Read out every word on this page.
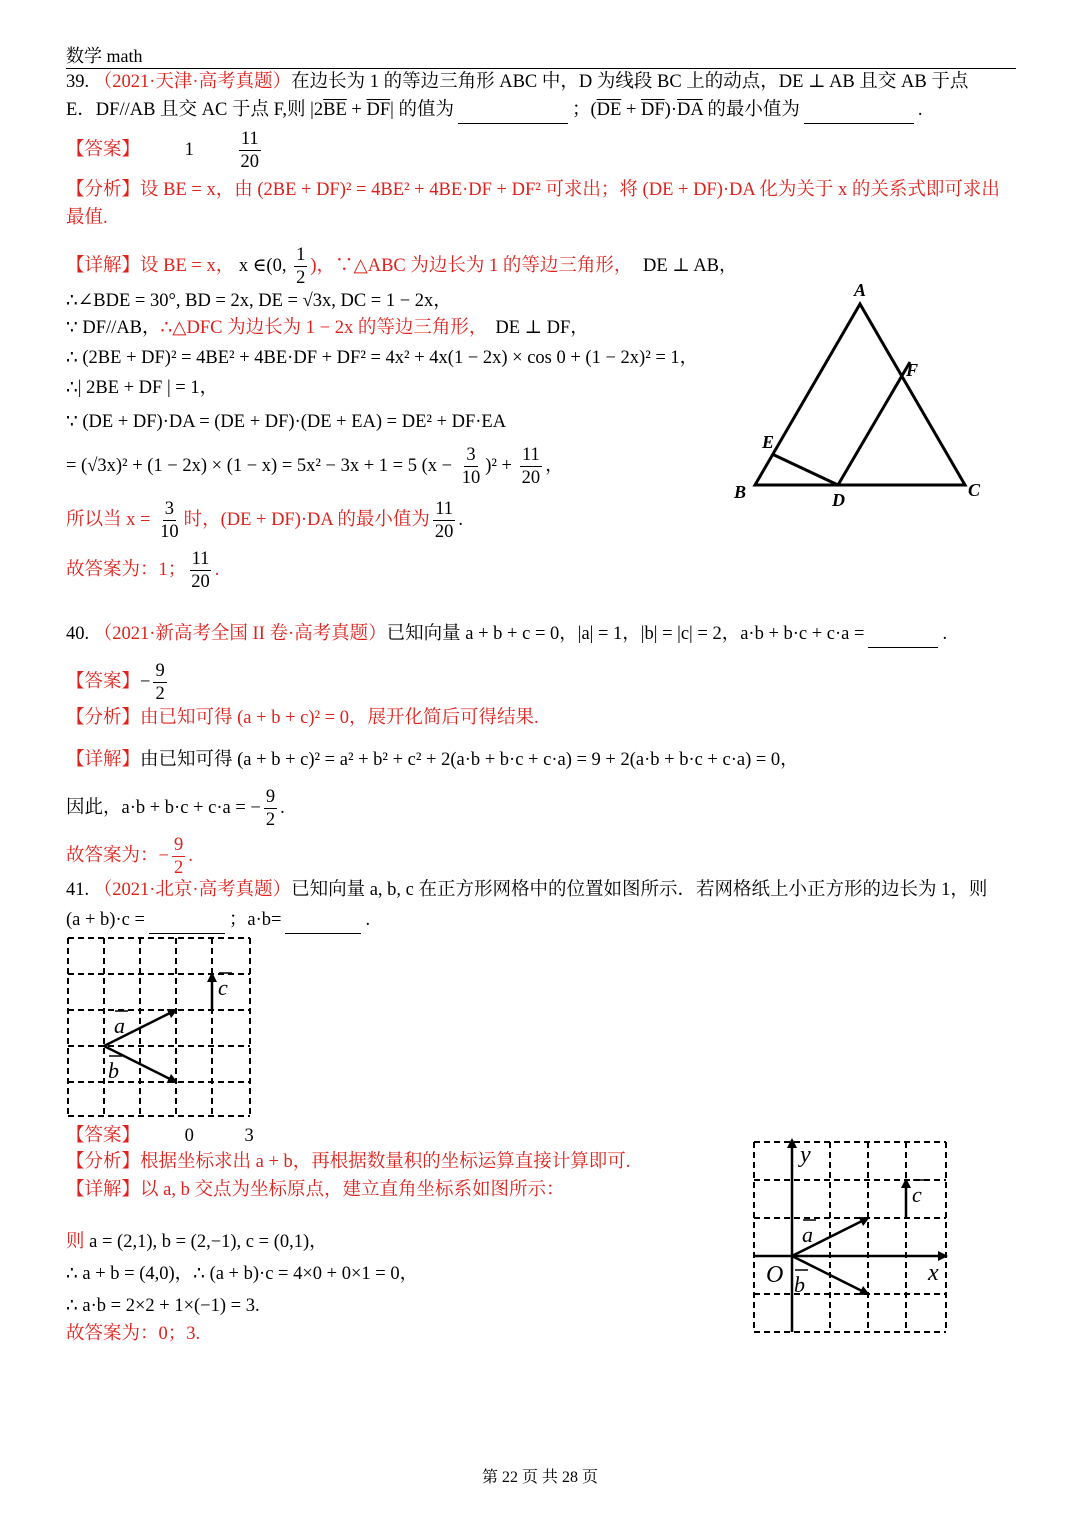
数学 math
39. （2021·天津·高考真题）在边长为 1 的等边三角形 ABC 中，D 为线段 BC 上的动点，DE ⊥ AB 且交 AB 于点
E．DF//AB 且交 AC 于点 F,则 $|2\overline{BE} + \overline{DF}|$ 的值为	；$(\overline{DE} + \overline{DF})\cdot\overline{DA}$ 的最小值为	.
【答案】 $1 \frac{11}{20}$
【分析】设 BE = x，由 (2BE + DF)² = 4BE² + 4BE·DF + DF² 可求出；将 (DE + DF)·DA 化为关于 x 的关系式即可求出
最值.
【详解】设 BE = x， x ∈(0, $\frac{1}{2}$ )，∵△ABC 为边长为 1 的等边三角形， DE ⊥ AB，
∴∠BDE = 30°, BD = 2x, DE = √3x, DC = 1 − 2x，
∵ DF//AB，∴△DFC 为边长为 1 − 2x 的等边三角形， DE ⊥ DF，
∴ (2BE + DF)² = 4BE² + 4BE·DF + DF² = 4x² + 4x(1 − 2x) × cos 0 + (1 − 2x)² = 1，
∴| 2BE + DF | = 1，
∵ (DE + DF)·DA = (DE + DF)·(DE + EA) = DE² + DF·EA
= (√3x)² + (1 − 2x) × (1 − x) = 5x² − 3x + 1 = 5 $(x - \frac{3}{10} )^2 + \frac{11}{20}$ ，
所以当 $x = \frac{3}{10}$ 时，(DE + DF)·DA 的最小值为 $\frac{11}{20}$ .
故答案为：1； $\frac{11}{20}$ .
A
B	C
D
E
F
40. （2021·新高考全国 II 卷·高考真题）已知向量 a + b + c = 0，|a| = 1，|b| = |c| = 2，a·b + b·c + c·a =	.
【答案】− $\frac{9}{2}$
【分析】由已知可得 (a + b + c)² = 0，展开化简后可得结果.
【详解】由已知可得 (a + b + c)² = a² + b² + c² + 2(a·b + b·c + c·a) = 9 + 2(a·b + b·c + c·a) = 0，
因此，a·b + b·c + c·a = − $\frac{9}{2}$ .
故答案为：− $\frac{9}{2}$ .
41. （2021·北京·高考真题）已知向量 a, b, c 在正方形网格中的位置如图所示．若网格纸上小正方形的边长为 1，则
(a + b)·c =	；a·b=	.
a
b
c
【答案】 0	3
【分析】根据坐标求出 a + b，再根据数量积的坐标运算直接计算即可.
【详解】以 a, b 交点为坐标原点，建立直角坐标系如图所示：
则 a = (2,1), b = (2,−1), c = (0,1)，
∴ a + b = (4,0)，∴ (a + b)·c = 4×0 + 0×1 = 0，
∴ a·b = 2×2 + 1×(−1) = 3.
故答案为：0；3.
y
x
O
a
b
c
第 22 页 共 28 页
